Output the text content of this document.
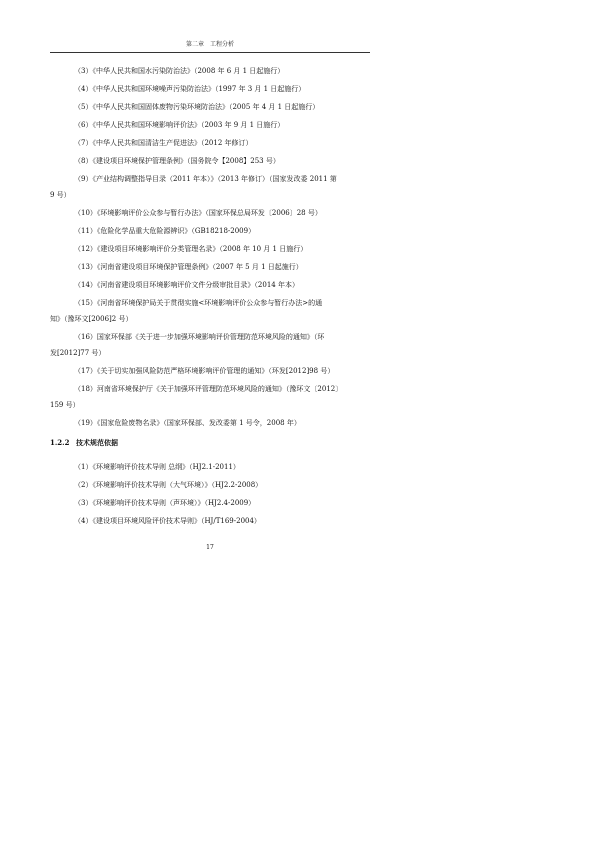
第二章　工程分析
（3）《中华人民共和国水污染防治法》（2008 年 6 月 1 日起施行）
（4）《中华人民共和国环境噪声污染防治法》（1997 年 3 月 1 日起施行）
（5）《中华人民共和国固体废物污染环境防治法》（2005 年 4 月 1 日起施行）
（6）《中华人民共和国环境影响评价法》（2003 年 9 月 1 日施行）
（7）《中华人民共和国清洁生产促进法》（2012 年修订）
（8）《建设项目环境保护管理条例》（国务院令【2008】253 号）
（9）《产业结构调整指导目录（2011 年本）》（2013 年修订）（国家发改委 2011 第
9 号）
（10）《环境影响评价公众参与暂行办法》（国家环保总局环发〔2006〕28 号）
（11）《危险化学品重大危险源辨识》（GB18218-2009）
（12）《建设项目环境影响评价分类管理名录》（2008 年 10 月 1 日施行）
（13）《河南省建设项目环境保护管理条例》（2007 年 5 月 1 日起施行）
（14）《河南省建设项目环境影响评价文件分级审批目录》（2014 年本）
（15）《河南省环境保护局关于贯彻实施<环境影响评价公众参与暂行办法>的通
知》（豫环文[2006]2 号）
（16）国家环保部《关于进一步加强环境影响评价管理防范环境风险的通知》（环
发[2012]77 号）
（17）《关于切实加强风险防范严格环境影响评价管理的通知》（环发[2012]98 号）
（18）河南省环境保护厅《关于加强环评管理防范环境风险的通知》（豫环文〔2012〕
159 号）
（19）《国家危险废物名录》（国家环保部、发改委第 1 号令，2008 年）
1.2.2 技术规范依据
（1）《环境影响评价技术导则 总纲》（HJ2.1-2011）
（2）《环境影响评价技术导则（大气环境）》（HJ2.2-2008）
（3）《环境影响评价技术导则（声环境）》（HJ2.4-2009）
（4）《建设项目环境风险评价技术导则》（HJ/T169-2004）
17
